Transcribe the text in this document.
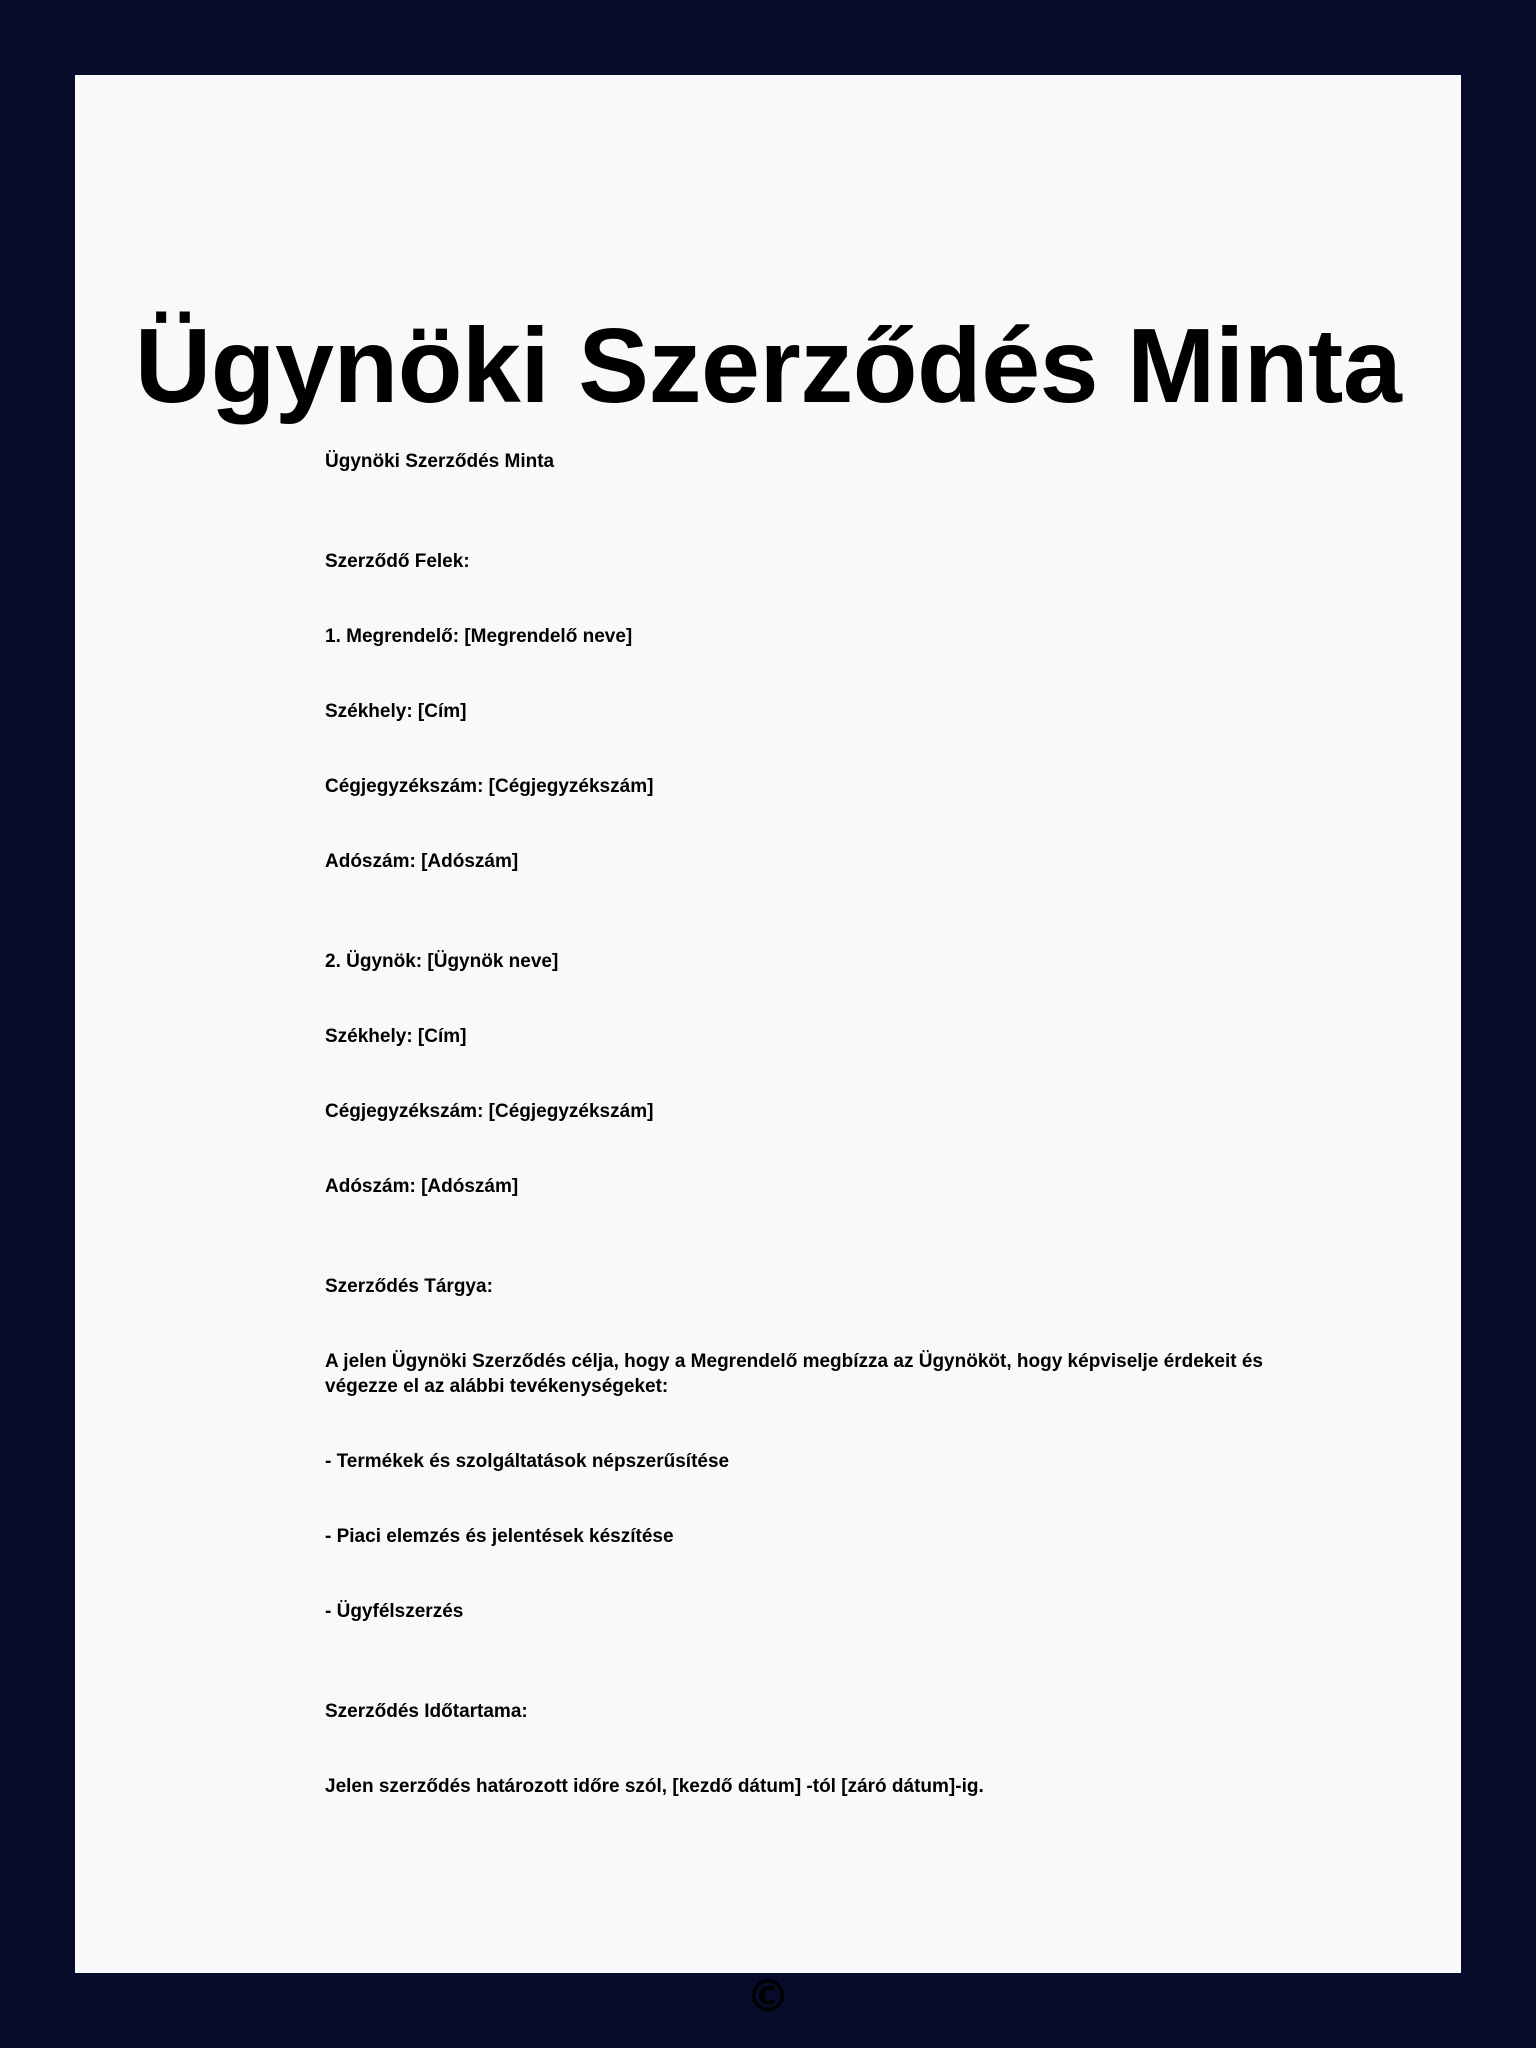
Ügynöki Szerződés Minta

Ügynöki Szerződés Minta

Szerződő Felek:

1. Megrendelő: [Megrendelő neve]

Székhely: [Cím]

Cégjegyzékszám: [Cégjegyzékszám]

Adószám: [Adószám]

2. Ügynök: [Ügynök neve]

Székhely: [Cím]

Cégjegyzékszám: [Cégjegyzékszám]

Adószám: [Adószám]

Szerződés Tárgya:

A jelen Ügynöki Szerződés célja, hogy a Megrendelő megbízza az Ügynököt, hogy képviselje érdekeit és végezze el az alábbi tevékenységeket:

- Termékek és szolgáltatások népszerűsítése

- Piaci elemzés és jelentések készítése

- Ügyfélszerzés

Szerződés Időtartama:

Jelen szerződés határozott időre szól, [kezdő dátum] -tól [záró dátum]-ig.

©
